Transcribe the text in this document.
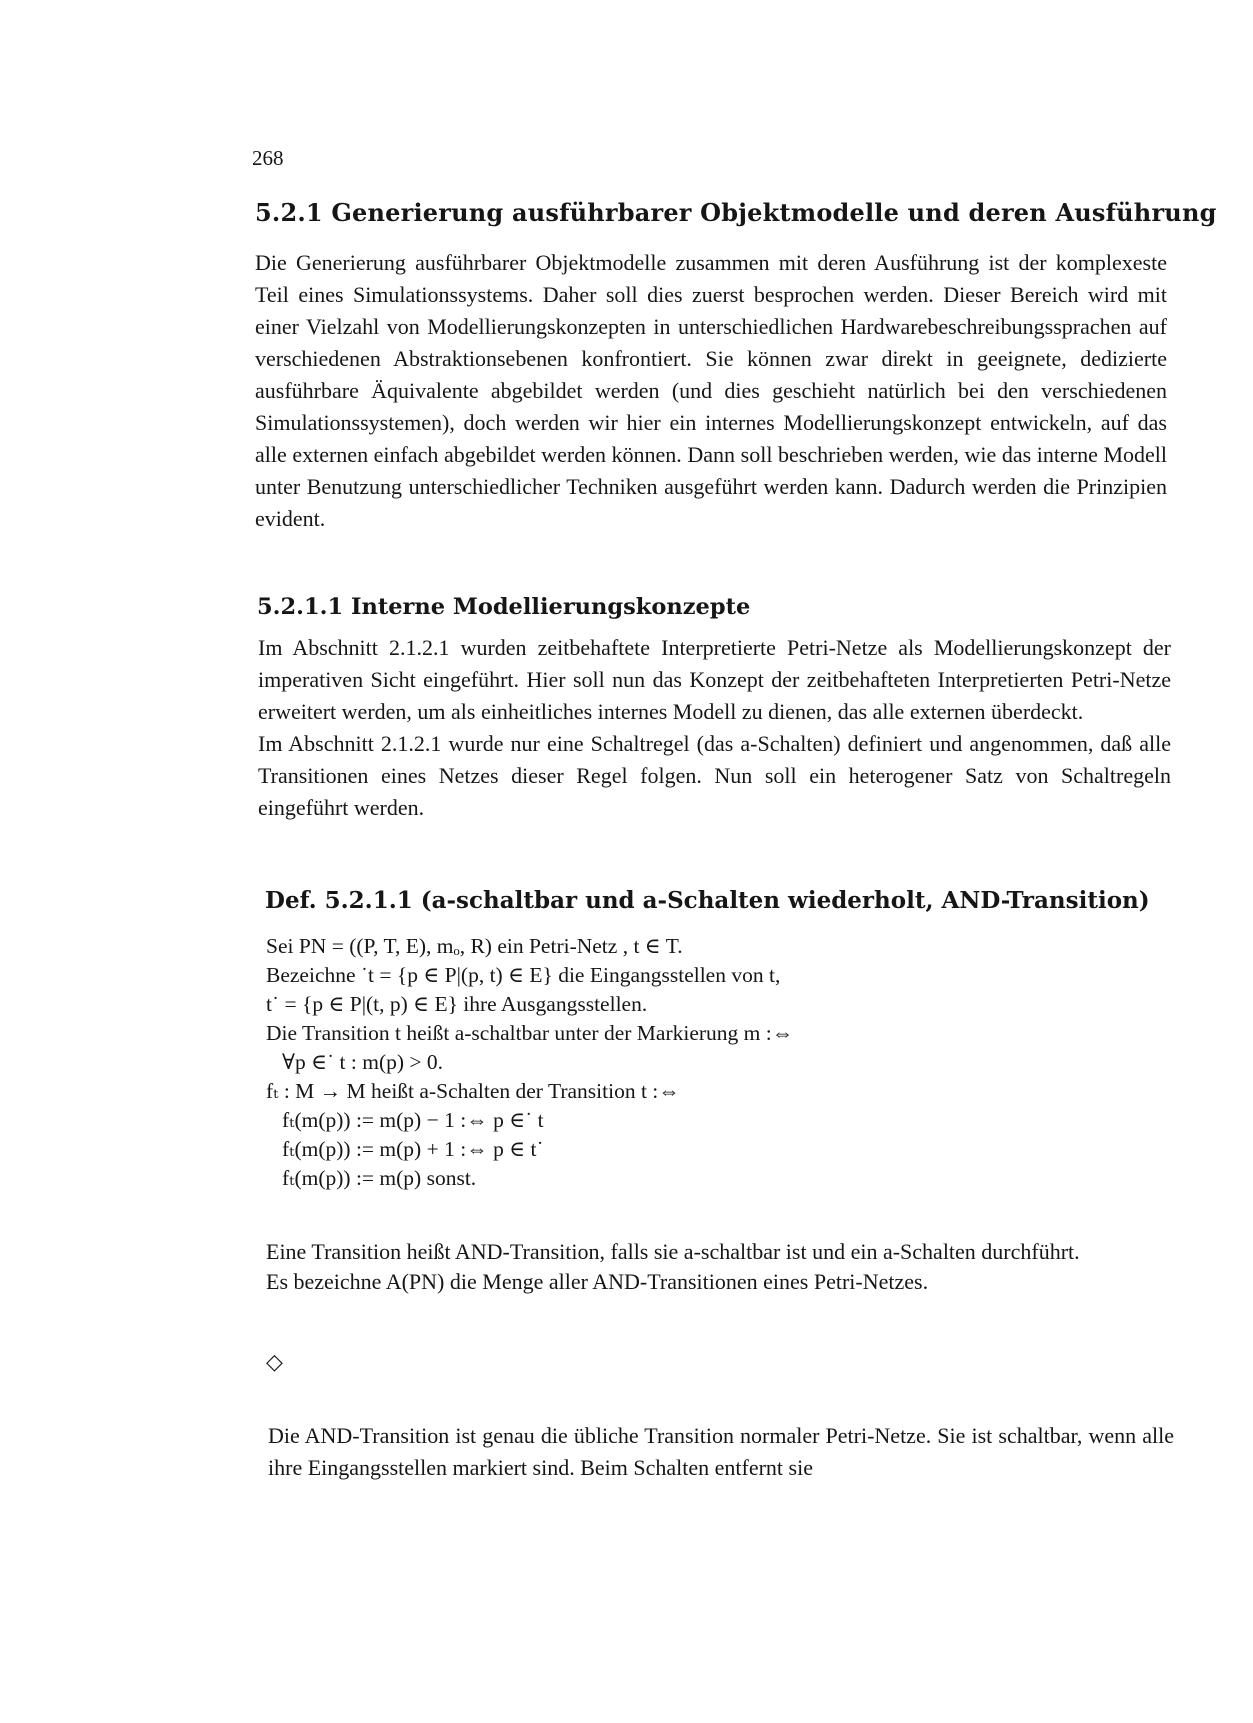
268
5.2.1 Generierung ausführbarer Objektmodelle und deren Ausführung

Die Generierung ausführbarer Objektmodelle zusammen mit deren Ausführung ist der komplexeste Teil eines Simulationssystems. Daher soll dies zuerst besprochen werden. Dieser Bereich wird mit einer Vielzahl von Modellierungskonzepten in unterschiedlichen Hardwarebeschreibungssprachen auf verschiedenen Abstraktionsebenen konfrontiert. Sie können zwar direkt in geeignete, dedizierte ausführbare Äquivalente abgebildet werden (und dies geschieht natürlich bei den verschiedenen Simulationssystemen), doch werden wir hier ein internes Modellierungskonzept entwickeln, auf das alle externen einfach abgebildet werden können. Dann soll beschrieben werden, wie das interne Modell unter Benutzung unterschiedlicher Techniken ausgeführt werden kann. Dadurch werden die Prinzipien evident.

5.2.1.1 Interne Modellierungskonzepte
Im Abschnitt 2.1.2.1 wurden zeitbehaftete Interpretierte Petri-Netze als Modellierungskonzept der imperativen Sicht eingeführt. Hier soll nun das Konzept der zeitbehafteten Interpretierten Petri-Netze erweitert werden, um als einheitliches internes Modell zu dienen, das alle externen überdeckt.
Im Abschnitt 2.1.2.1 wurde nur eine Schaltregel (das a-Schalten) definiert und angenommen, daß alle Transitionen eines Netzes dieser Regel folgen. Nun soll ein heterogener Satz von Schaltregeln eingeführt werden.
Def. 5.2.1.1 (a-schaltbar und a-Schalten wiederholt, AND-Transition)
Sei PN = ((P, T, E), mₒ, R) ein Petri-Netz , t ∈ T.
Bezeichne ˙t = {p ∈ P|(p, t) ∈ E} die Eingangsstellen von t,
t˙ = {p ∈ P|(t, p) ∈ E} ihre Ausgangsstellen.
Die Transition t heißt a-schaltbar unter der Markierung m :⇔
∀p ∈˙ t : m(p) > 0.
fₜ : M → M heißt a-Schalten der Transition t :⇔
fₜ(m(p)) := m(p) − 1 :⇔ p ∈˙ t
fₜ(m(p)) := m(p) + 1 :⇔ p ∈ t˙
fₜ(m(p)) := m(p) sonst.
Eine Transition heißt AND-Transition, falls sie a-schaltbar ist und ein a-Schalten durchführt.
Es bezeichne A(PN) die Menge aller AND-Transitionen eines Petri-Netzes.
◇

Die AND-Transition ist genau die übliche Transition normaler Petri-Netze. Sie ist schaltbar, wenn alle ihre Eingangsstellen markiert sind. Beim Schalten entfernt sie
